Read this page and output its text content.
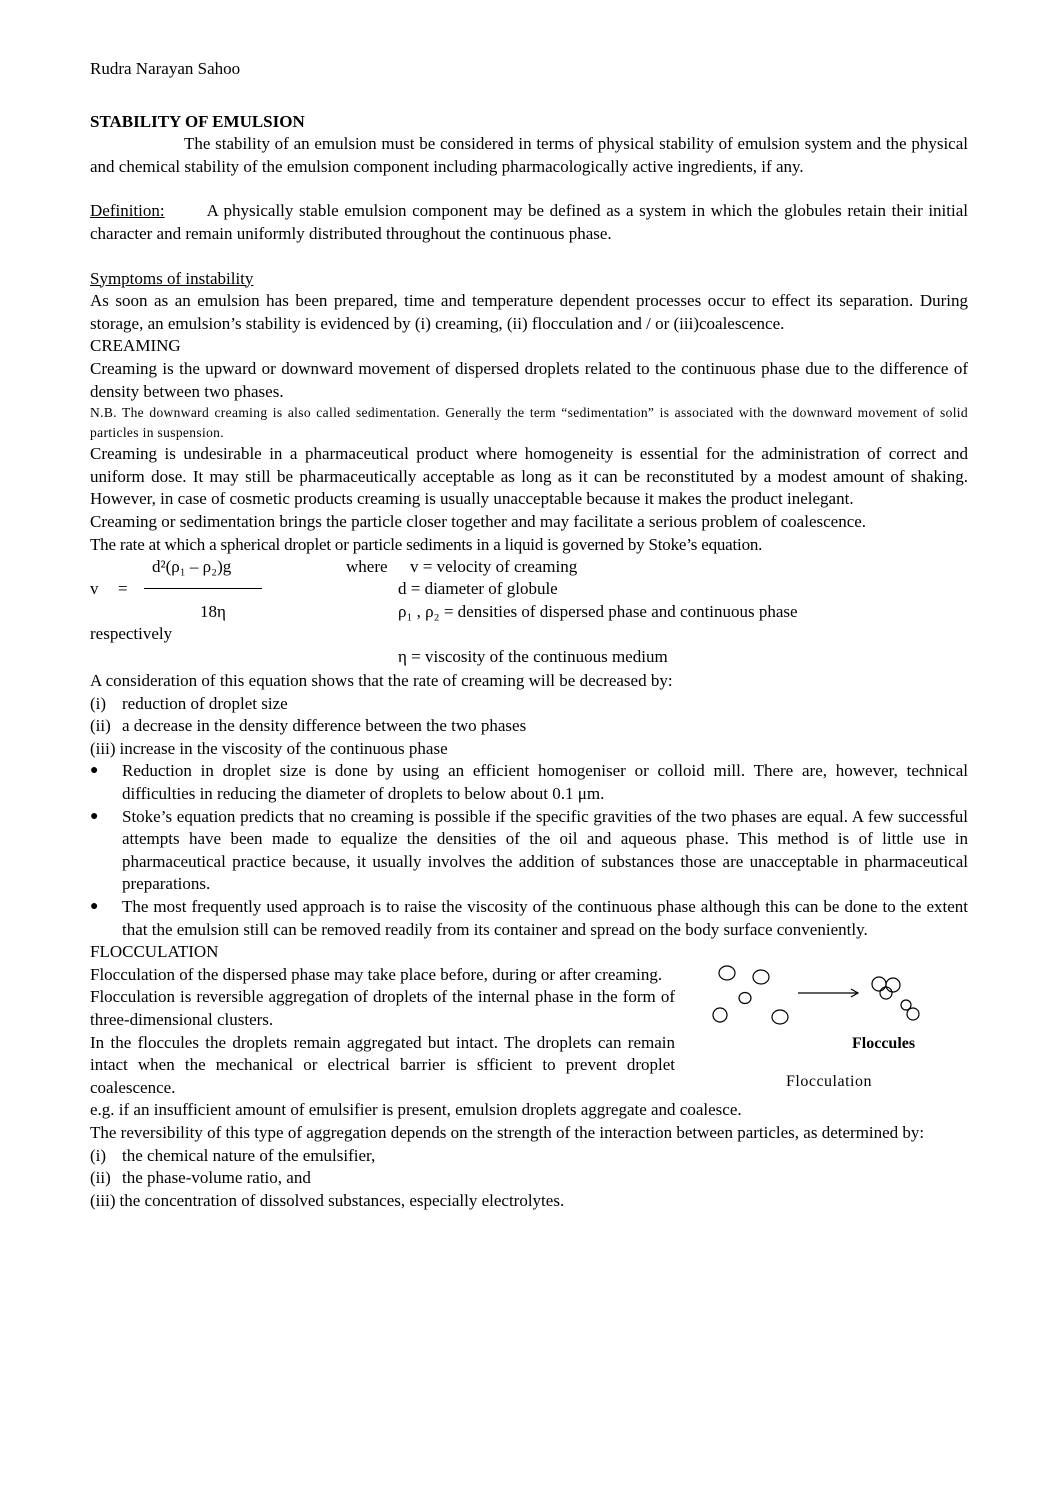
Rudra Narayan Sahoo

STABILITY OF EMULSION

The stability of an emulsion must be considered in terms of physical stability of emulsion system and the physical and chemical stability of the emulsion component including pharmacologically active ingredients, if any.

Definition: A physically stable emulsion component may be defined as a system in which the globules retain their initial character and remain uniformly distributed throughout the continuous phase.

Symptoms of instability

As soon as an emulsion has been prepared, time and temperature dependent processes occur to effect its separation. During storage, an emulsion’s stability is evidenced by (i) creaming, (ii) flocculation and / or (iii)coalescence.

CREAMING

Creaming is the upward or downward movement of dispersed droplets related to the continuous phase due to the difference of density between two phases.

N.B. The downward creaming is also called sedimentation. Generally the term “sedimentation” is associated with the downward movement of solid particles in suspension.

Creaming is undesirable in a pharmaceutical product where homogeneity is essential for the administration of correct and uniform dose. It may still be pharmaceutically acceptable as long as it can be reconstituted by a modest amount of shaking. However, in case of cosmetic products creaming is usually unacceptable because it makes the product inelegant.

Creaming or sedimentation brings the particle closer together and may facilitate a serious problem of coalescence.

The rate at which a spherical droplet or particle sediments in a liquid is governed by Stoke’s equation.

d²(ρ₁ – ρ₂)g
v =
18η
where v = velocity of creaming
d = diameter of globule
ρ₁ , ρ₂ = densities of dispersed phase and continuous phase
respectively
η = viscosity of the continuous medium

A consideration of this equation shows that the rate of creaming will be decreased by:

(i) reduction of droplet size
(ii) a decrease in the density difference between the two phases
(iii) increase in the viscosity of the continuous phase
●	Reduction in droplet size is done by using an efficient homogeniser or colloid mill. There are, however, technical difficulties in reducing the diameter of droplets to below about 0.1 μm.

●	Stoke’s equation predicts that no creaming is possible if the specific gravities of the two phases are equal. A few successful attempts have been made to equalize the densities of the oil and aqueous phase. This method is of little use in pharmaceutical practice because, it usually involves the addition of substances those are unacceptable in pharmaceutical preparations.

●	The most frequently used approach is to raise the viscosity of the continuous phase although this can be done to the extent that the emulsion still can be removed readily from its container and spread on the body surface conveniently.

FLOCCULATION

Flocculation of the dispersed phase may take place before, during or after creaming.

Flocculation is reversible aggregation of droplets of the internal phase in the form of three-dimensional clusters.

In the floccules the droplets remain aggregated but intact. The droplets can remain intact when the mechanical or electrical barrier is sfficient to prevent droplet coalescence.

Floccules
Flocculation

e.g. if an insufficient amount of emulsifier is present, emulsion droplets aggregate and coalesce.

The reversibility of this type of aggregation depends on the strength of the interaction between particles, as determined by:

(i) the chemical nature of the emulsifier,
(ii) the phase-volume ratio, and
(iii) the concentration of dissolved substances, especially electrolytes.
